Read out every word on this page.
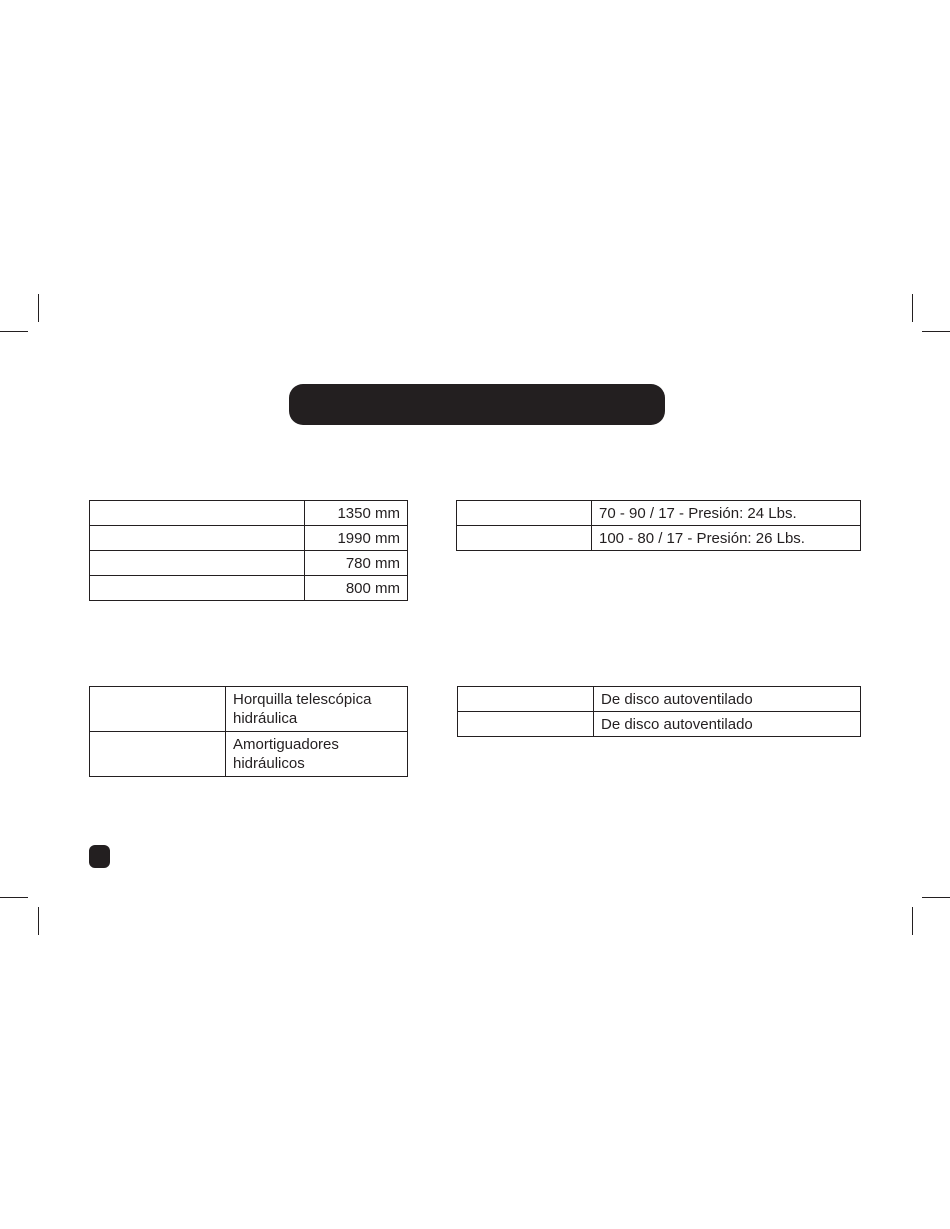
	1350 mm
	1990 mm
	780 mm
	800 mm
	70 - 90 / 17 - Presión: 24 Lbs.
	100 - 80 / 17 - Presión: 26 Lbs.

	Horquilla telescópica
hidráulica

	Amortiguadores
hidráulicos
	De disco autoventilado
	De disco autoventilado
